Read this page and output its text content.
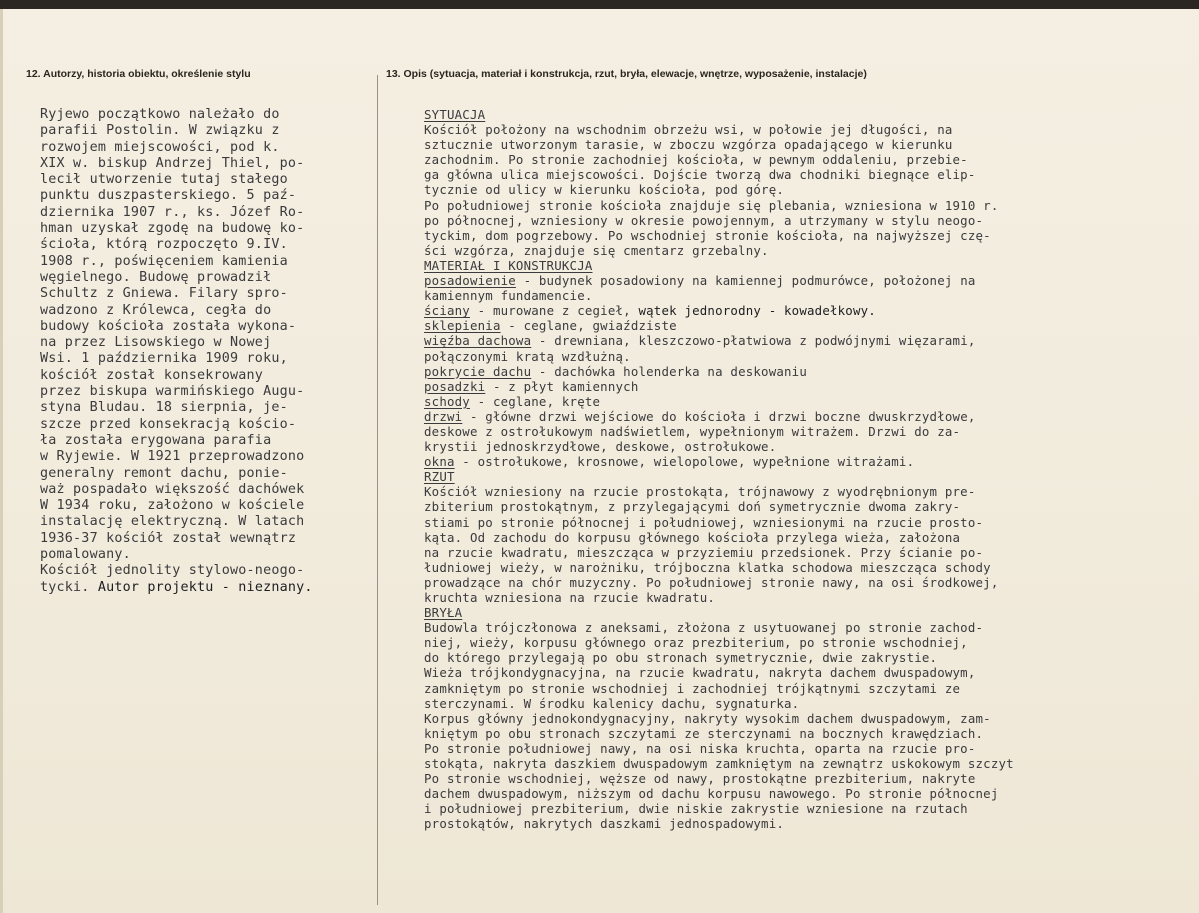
12. Autorzy, historia obiektu, określenie stylu	13. Opis (sytuacja, materiał i konstrukcja, rzut, bryła, elewacje, wnętrze, wyposażenie, instalacje)
Ryjewo początkowo należało do
parafii Postolin. W związku z
rozwojem miejscowości, pod k.
XIX w. biskup Andrzej Thiel, po-
lecił utworzenie tutaj stałego
punktu duszpasterskiego. 5 paź-
dziernika 1907 r., ks. Józef Ro-
hman uzyskał zgodę na budowę ko-
ścioła, którą rozpoczęto 9.IV.
1908 r., poświęceniem kamienia
węgielnego. Budowę prowadził
Schultz z Gniewa. Filary spro-
wadzono z Królewca, cegła do
budowy kościoła została wykona-
na przez Lisowskiego w Nowej
Wsi. 1 października 1909 roku,
kościół został konsekrowany
przez biskupa warmińskiego Augu-
styna Bludau. 18 sierpnia, je-
szcze przed konsekracją kościo-
ła została erygowana parafia
w Ryjewie. W 1921 przeprowadzono
generalny remont dachu, ponie-
waż pospadało większość dachówek
W 1934 roku, założono w kościele
instalację elektryczną. W latach
1936-37 kościół został wewnątrz
pomalowany.
Kościół jednolity stylowo-neogo-
tycki. Autor projektu - nieznany.
SYTUACJA
Kościół położony na wschodnim obrzeżu wsi, w połowie jej długości, na
sztucznie utworzonym tarasie, w zboczu wzgórza opadającego w kierunku
zachodnim. Po stronie zachodniej kościoła, w pewnym oddaleniu, przebie-
ga główna ulica miejscowości. Dojście tworzą dwa chodniki biegnące elip-
tycznie od ulicy w kierunku kościoła, pod górę.
Po południowej stronie kościoła znajduje się plebania, wzniesiona w 1910 r.
po północnej, wzniesiony w okresie powojennym, a utrzymany w stylu neogo-
tyckim, dom pogrzebowy. Po wschodniej stronie kościoła, na najwyższej czę-
ści wzgórza, znajduje się cmentarz grzebalny.
MATERIAŁ I KONSTRUKCJA
posadowienie - budynek posadowiony na kamiennej podmurówce, położonej na
kamiennym fundamencie.
ściany - murowane z cegieł, wątek jednorodny - kowadełkowy.
sklepienia - ceglane, gwiaździste
więźba dachowa - drewniana, kleszczowo-płatwiowa z podwójnymi więzarami,
połączonymi kratą wzdłużną.
pokrycie dachu - dachówka holenderka na deskowaniu
posadzki - z płyt kamiennych
schody - ceglane, kręte
drzwi - główne drzwi wejściowe do kościoła i drzwi boczne dwuskrzydłowe,
deskowe z ostrołukowym nadświetlem, wypełnionym witrażem. Drzwi do za-
krystii jednoskrzydłowe, deskowe, ostrołukowe.
okna - ostrołukowe, krosnowe, wielopolowe, wypełnione witrażami.
RZUT
Kościół wzniesiony na rzucie prostokąta, trójnawowy z wyodrębnionym pre-
zbiterium prostokątnym, z przylegającymi doń symetrycznie dwoma zakry-
stiami po stronie północnej i południowej, wzniesionymi na rzucie prosto-
kąta. Od zachodu do korpusu głównego kościoła przylega wieża, założona
na rzucie kwadratu, mieszcząca w przyziemiu przedsionek. Przy ścianie po-
łudniowej wieży, w narożniku, trójboczna klatka schodowa mieszcząca schody
prowadzące na chór muzyczny. Po południowej stronie nawy, na osi środkowej,
kruchta wzniesiona na rzucie kwadratu.
BRYŁA
Budowla trójczłonowa z aneksami, złożona z usytuowanej po stronie zachod-
niej, wieży, korpusu głównego oraz prezbiterium, po stronie wschodniej,
do którego przylegają po obu stronach symetrycznie, dwie zakrystie.
Wieża trójkondygnacyjna, na rzucie kwadratu, nakryta dachem dwuspadowym,
zamkniętym po stronie wschodniej i zachodniej trójkątnymi szczytami ze
sterczynami. W środku kalenicy dachu, sygnaturka.
Korpus główny jednokondygnacyjny, nakryty wysokim dachem dwuspadowym, zam-
kniętym po obu stronach szczytami ze sterczynami na bocznych krawędziach.
Po stronie południowej nawy, na osi niska kruchta, oparta na rzucie pro-
stokąta, nakryta daszkiem dwuspadowym zamkniętym na zewnątrz uskokowym szczyt
Po stronie wschodniej, węższe od nawy, prostokątne prezbiterium, nakryte
dachem dwuspadowym, niższym od dachu korpusu nawowego. Po stronie północnej
i południowej prezbiterium, dwie niskie zakrystie wzniesione na rzutach
prostokątów, nakrytych daszkami jednospadowymi.
